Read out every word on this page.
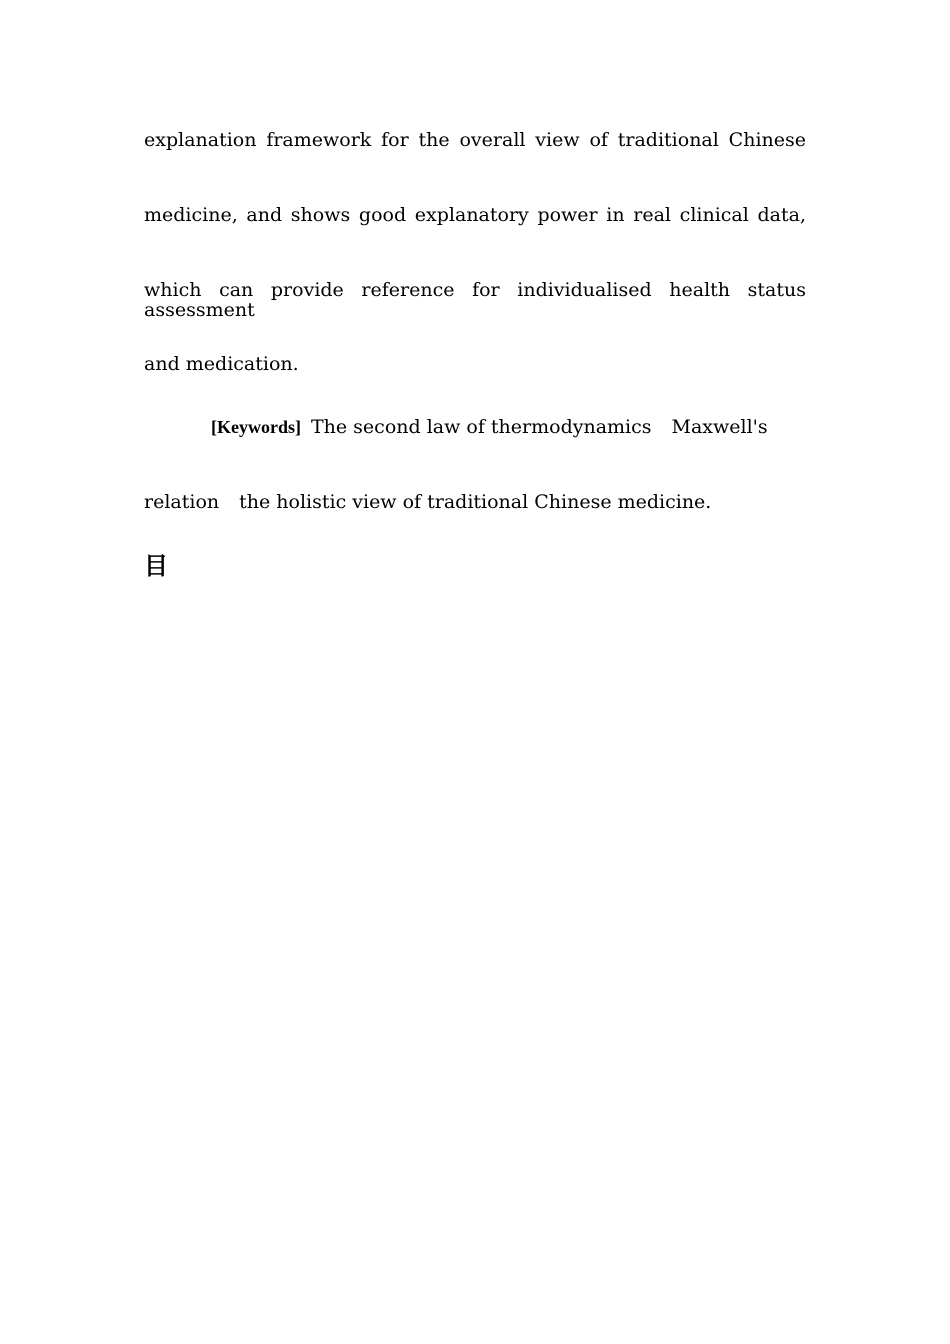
explanation framework for the overall view of traditional Chinese
medicine, and shows good explanatory power in real clinical data,
which can provide reference for individualised health status assessment
and medication.
[Keywords] The second law of thermodynamics Maxwell's
relation the holistic view of traditional Chinese medicine.
目
